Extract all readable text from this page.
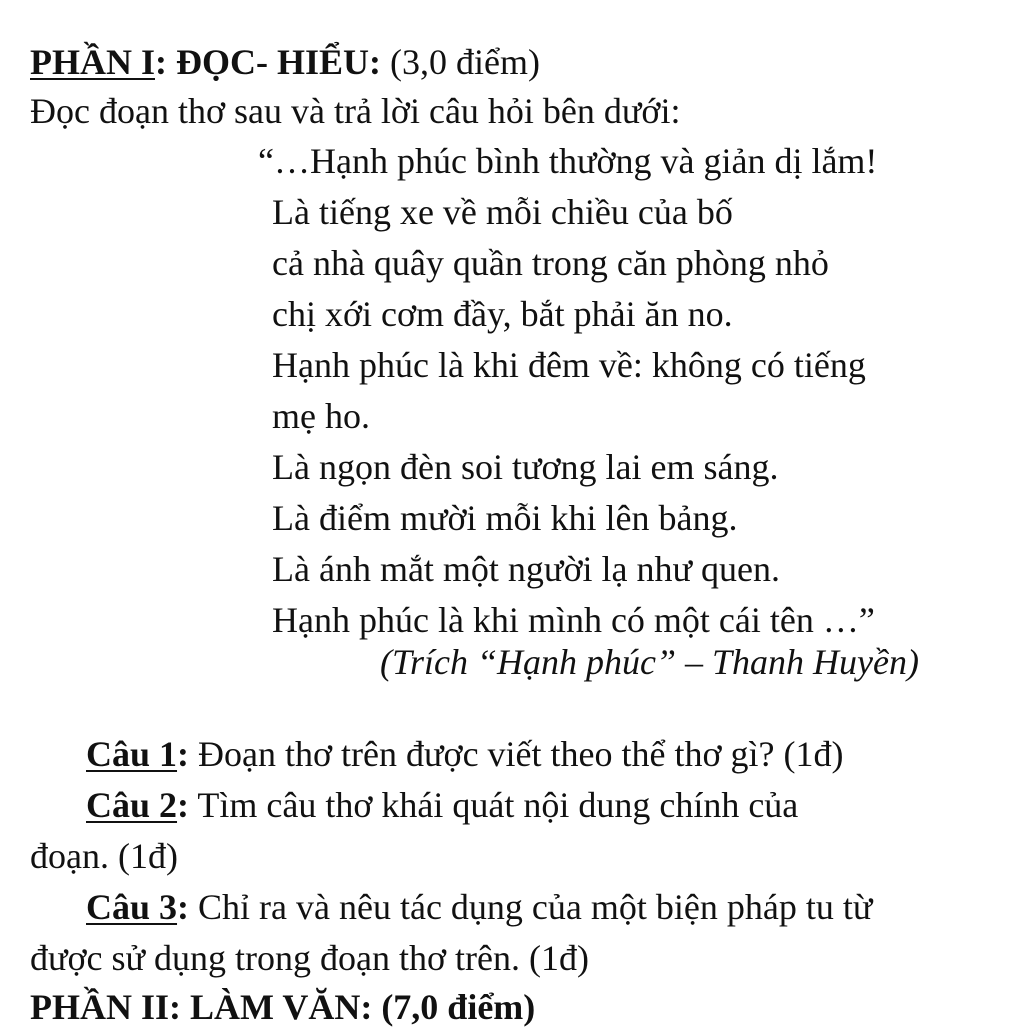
PHẦN I: ĐỌC- HIỂU: (3,0 điểm)
Đọc đoạn thơ sau và trả lời câu hỏi bên dưới:
“…Hạnh phúc bình thường và giản dị lắm!
Là tiếng xe về mỗi chiều của bố
cả nhà quây quần trong căn phòng nhỏ
chị xới cơm đầy, bắt phải ăn no.
Hạnh phúc là khi đêm về: không có tiếng
mẹ ho.
Là ngọn đèn soi tương lai em sáng.
Là điểm mười mỗi khi lên bảng.
Là ánh mắt một người lạ như quen.
Hạnh phúc là khi mình có một cái tên …”
(Trích “Hạnh phúc” – Thanh Huyền)
Câu 1: Đoạn thơ trên được viết theo thể thơ gì? (1đ)
Câu 2: Tìm câu thơ khái quát nội dung chính của
đoạn. (1đ)
Câu 3: Chỉ ra và nêu tác dụng của một biện pháp tu từ
được sử dụng trong đoạn thơ trên. (1đ)
PHẦN II: LÀM VĂN: (7,0 điểm)
